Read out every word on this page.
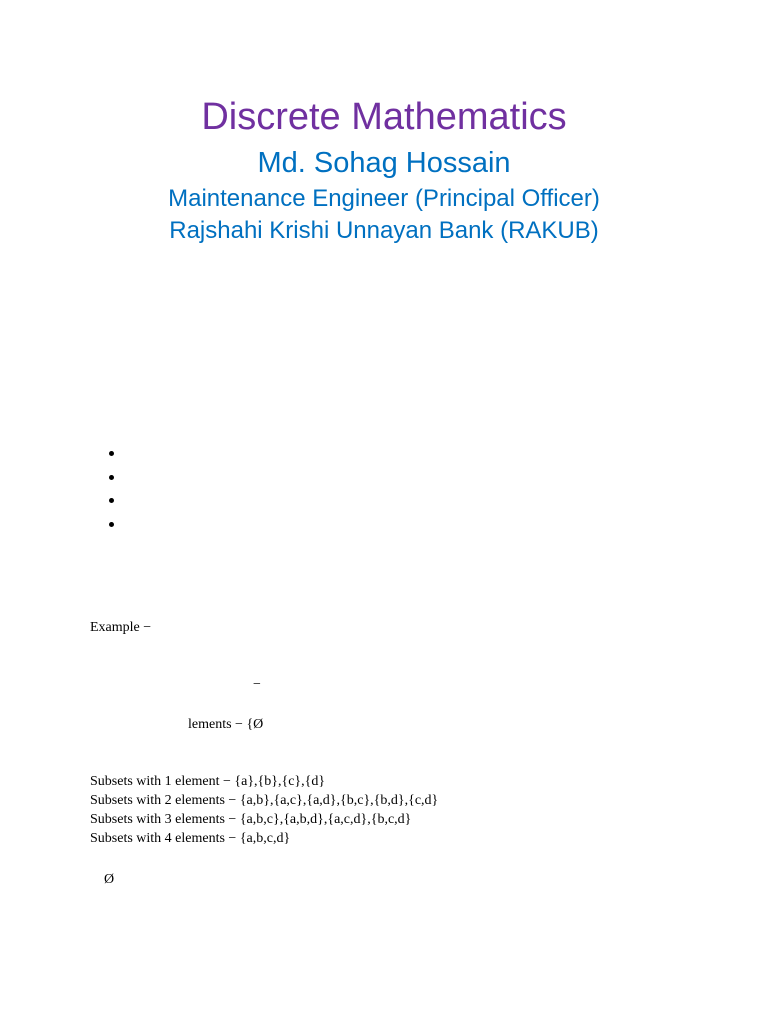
Discrete Mathematics
Md. Sohag Hossain
Maintenance Engineer (Principal Officer)
Rajshahi Krishi Unnayan Bank (RAKUB)
Example −
−
lements − {Ø
Subsets with 1 element − {a},{b},{c},{d}
Subsets with 2 elements − {a,b},{a,c},{a,d},{b,c},{b,d},{c,d}
Subsets with 3 elements − {a,b,c},{a,b,d},{a,c,d},{b,c,d}
Subsets with 4 elements − {a,b,c,d}
Ø
